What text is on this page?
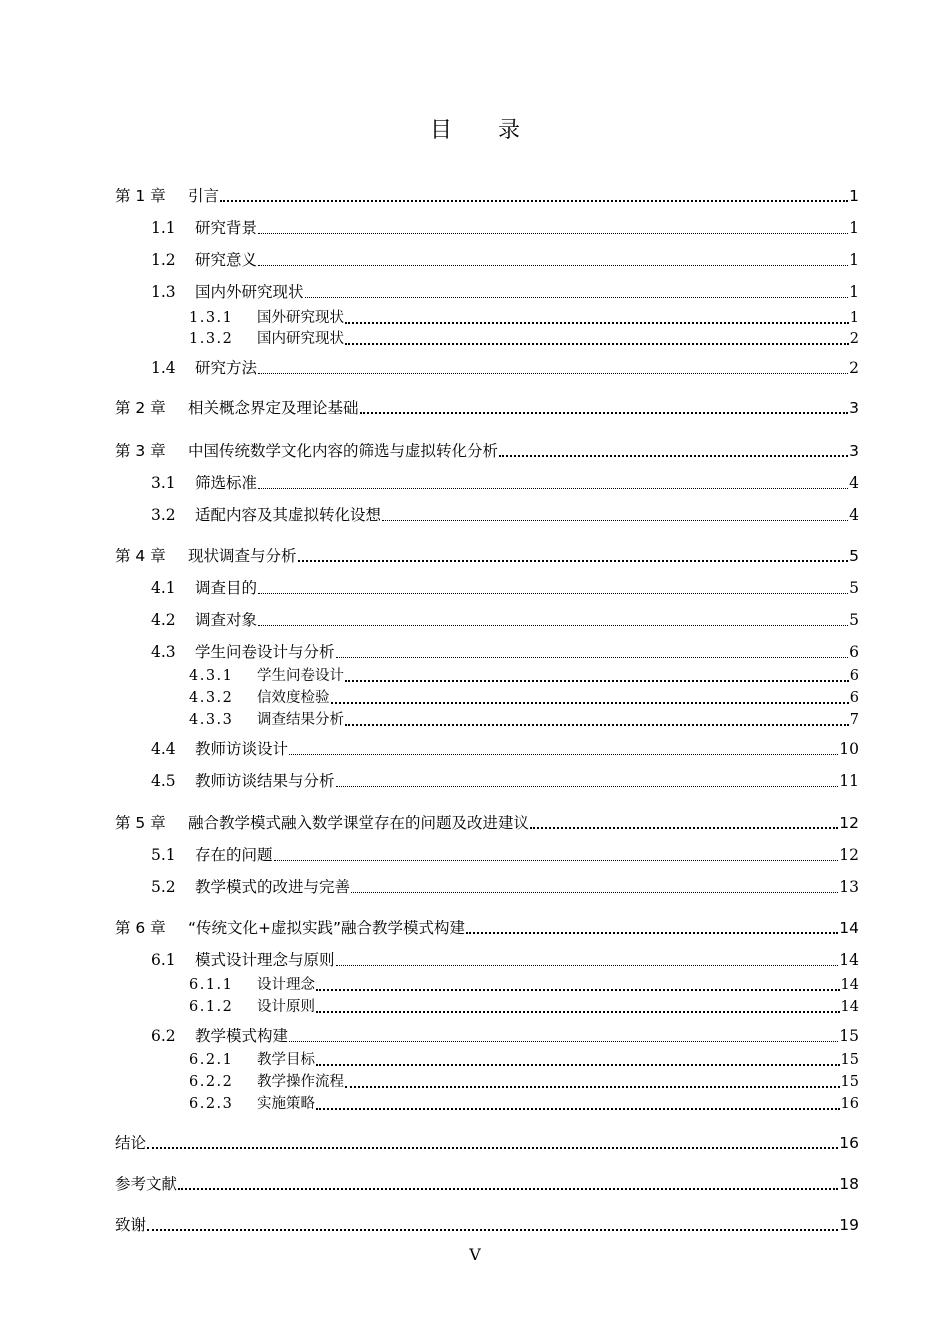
目录
第 1 章	引言	1
1.1	研究背景	1
1.2	研究意义	1
1.3	国内外研究现状	1
1.3.1	国外研究现状	1
1.3.2	国内研究现状	2
1.4	研究方法	2
第 2 章	相关概念界定及理论基础	3
第 3 章	中国传统数学文化内容的筛选与虚拟转化分析	3
3.1	筛选标准	4
3.2	适配内容及其虚拟转化设想	4
第 4 章	现状调查与分析	5
4.1	调查目的	5
4.2	调查对象	5
4.3	学生问卷设计与分析	6
4.3.1	学生问卷设计	6
4.3.2	信效度检验	6
4.3.3	调查结果分析	7
4.4	教师访谈设计	10
4.5	教师访谈结果与分析	11
第 5 章	融合教学模式融入数学课堂存在的问题及改进建议	12
5.1	存在的问题	12
5.2	教学模式的改进与完善	13
第 6 章	“传统文化+虚拟实践”融合教学模式构建	14
6.1	模式设计理念与原则	14
6.1.1	设计理念	14
6.1.2	设计原则	14
6.2	教学模式构建	15
6.2.1	教学目标	15
6.2.2	教学操作流程	15
6.2.3	实施策略	16
结论	16
参考文献	18
致谢	19
V
